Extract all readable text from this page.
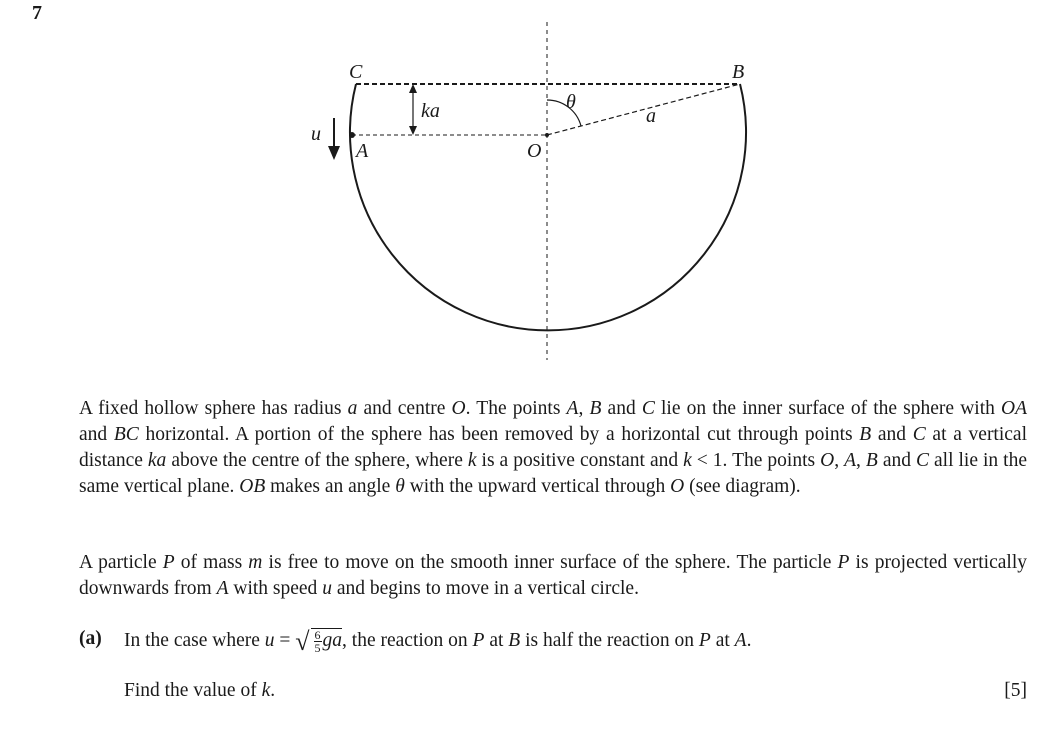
7
C	B
A	O
u
ka	θ
a

A fixed hollow sphere has radius a and centre O. The points A, B and C lie on the inner surface of the sphere with OA and BC horizontal. A portion of the sphere has been removed by a horizontal cut through points B and C at a vertical distance ka above the centre of the sphere, where k is a positive constant and k < 1. The points O, A, B and C all lie in the same vertical plane. OB makes an angle θ with the upward vertical through O (see diagram).

A particle P of mass m is free to move on the smooth inner surface of the sphere. The particle P is projected vertically downwards from A with speed u and begins to move in a vertical circle.

(a) In the case where u = √ $\frac{6}{5}$ ga, the reaction on P at B is half the reaction on P at A.
Find the value of k.	[5]
